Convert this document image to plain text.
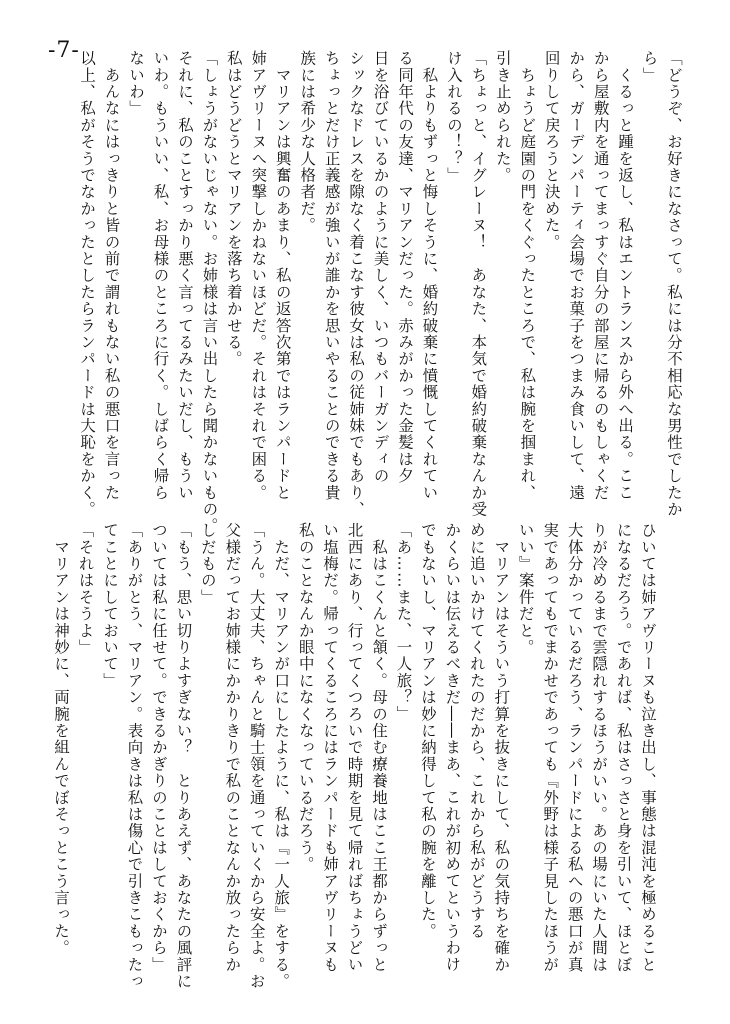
-7-	「どうぞ、お好きになさって。私には分不相応な男性でしたか
ら」
　くるっと踵を返し、私はエントランスから外へ出る。ここ
から屋敷内を通ってまっすぐ自分の部屋に帰るのもしゃくだ
から、ガーデンパーティ会場でお菓子をつまみ食いして、遠
回りして戻ろうと決めた。
　ちょうど庭園の門をくぐったところで、私は腕を掴まれ、
引き止められた。
「ちょっと、イグレーヌ！　あなた、本気で婚約破棄なんか受
け入れるの！？」
　私よりもずっと悔しそうに、婚約破棄に憤慨してくれてい
る同年代の友達、マリアンだった。赤みがかった金髪は夕
日を浴びているかのように美しく、いつもバーガンディの
シックなドレスを隙なく着こなす彼女は私の従姉妹でもあり、
ちょっとだけ正義感が強いが誰かを思いやることのできる貴
族には希少な人格者だ。
　マリアンは興奮のあまり、私の返答次第ではランパードと
姉アヴリーヌへ突撃しかねないほどだ。それはそれで困る。
私はどうどうとマリアンを落ち着かせる。
「しょうがないじゃない。お姉様は言い出したら聞かないもの。
それに、私のことすっかり悪く言ってるみたいだし、もうい
いわ。もういい、私、お母様のところに行く。しばらく帰ら
ないわ」
　あんなにはっきりと皆の前で謂れもない私の悪口を言った
以上、私がそうでなかったとしたらランパードは大恥をかく。
ひいては姉アヴリーヌも泣き出し、事態は混沌を極めること
になるだろう。であれば、私はさっさと身を引いて、ほとぼ
りが冷めるまで雲隠れするほうがいい。あの場にいた人間は
大体分かっているだろう、ランパードによる私への悪口が真
実であってもでまかせであっても『外野は様子見したほうが
いい』案件だと。
　マリアンはそういう打算を抜きにして、私の気持ちを確か
めに追いかけてくれたのだから、これから私がどうする
かくらいは伝えるべきだ――まあ、これが初めてというわけ
でもないし、マリアンは妙に納得して私の腕を離した。
「あ……また、一人旅？」
　私はこくんと頷く。母の住む療養地はここ王都からずっと
北西にあり、行ってくつろいで時期を見て帰ればちょうどい
い塩梅だ。帰ってくるころにはランパードも姉アヴリーヌも
私のことなんか眼中になくなっているだろう。
　ただ、マリアンが口にしたように、私は『一人旅』をする。
「うん。大丈夫、ちゃんと騎士領を通っていくから安全よ。お
父様だってお姉様にかかりきりで私のことなんか放ったらか
しだもの」
「もう、思い切りよすぎない？　とりあえず、あなたの風評に
ついては私に任せて。できるかぎりのことはしておくから」
「ありがとう、マリアン。表向きは私は傷心で引きこもったっ
てことにしておいて」
「それはそうよ」
　マリアンは神妙に、両腕を組んでぼそっとこう言った。
